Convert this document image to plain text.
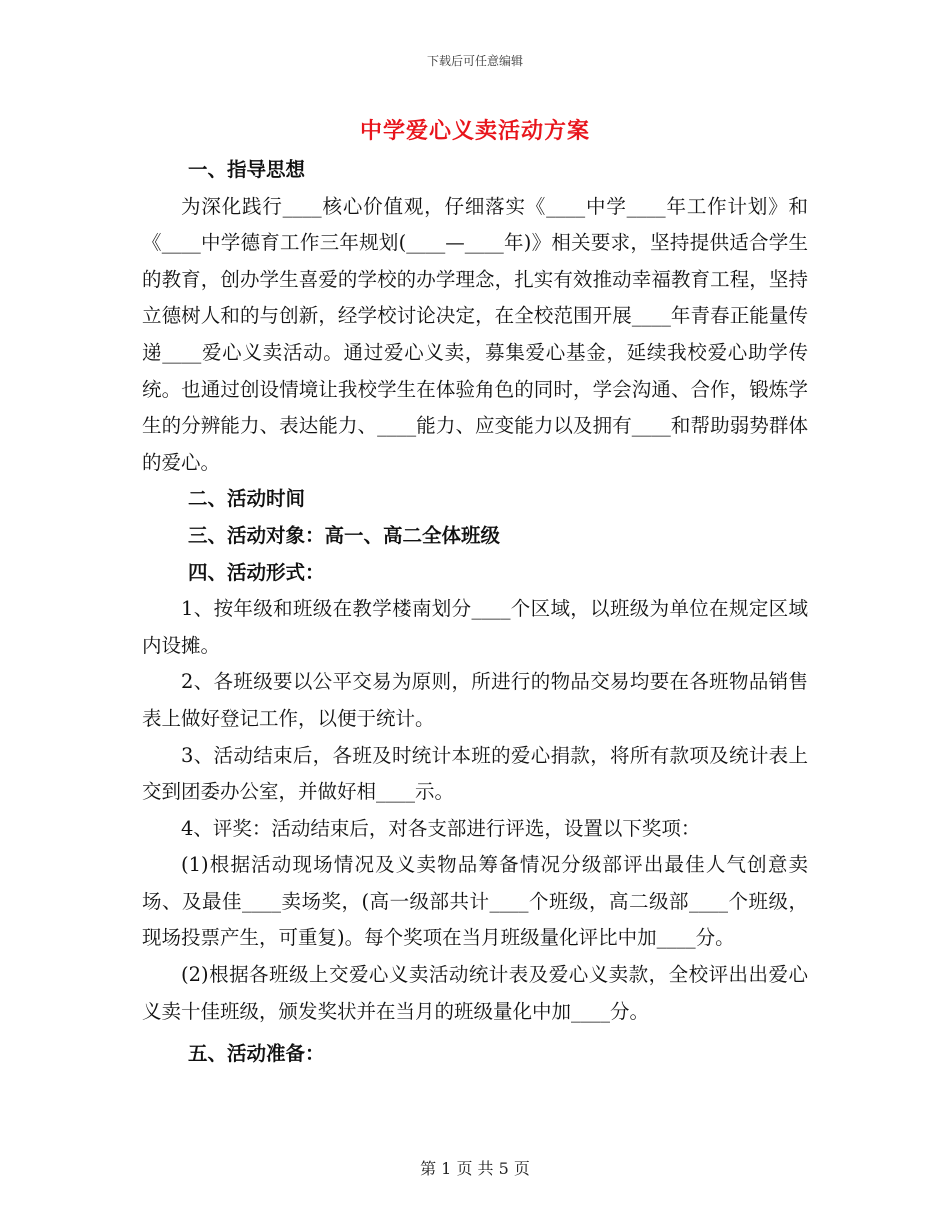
下载后可任意编辑
中学爱心义卖活动方案

一、指导思想

为深化践行____核心价值观，仔细落实《____中学____年工作计划》和《____中学德育工作三年规划(____—____年)》相关要求，坚持提供适合学生的教育，创办学生喜爱的学校的办学理念，扎实有效推动幸福教育工程，坚持立德树人和的与创新，经学校讨论决定，在全校范围开展____年青春正能量传递____爱心义卖活动。通过爱心义卖，募集爱心基金，延续我校爱心助学传统。也通过创设情境让我校学生在体验角色的同时，学会沟通、合作，锻炼学生的分辨能力、表达能力、____能力、应变能力以及拥有____和帮助弱势群体的爱心。

二、活动时间

三、活动对象：高一、高二全体班级

四、活动形式：

1、按年级和班级在教学楼南划分____个区域，以班级为单位在规定区域内设摊。

2、各班级要以公平交易为原则，所进行的物品交易均要在各班物品销售表上做好登记工作，以便于统计。

3、活动结束后，各班及时统计本班的爱心捐款，将所有款项及统计表上交到团委办公室，并做好相____示。

4、评奖：活动结束后，对各支部进行评选，设置以下奖项：

(1)根据活动现场情况及义卖物品筹备情况分级部评出最佳人气创意卖场、及最佳____卖场奖，(高一级部共计____个班级，高二级部____个班级，现场投票产生，可重复)。每个奖项在当月班级量化评比中加____分。

(2)根据各班级上交爱心义卖活动统计表及爱心义卖款，全校评出出爱心义卖十佳班级，颁发奖状并在当月的班级量化中加____分。

五、活动准备：

第 1 页 共 5 页
